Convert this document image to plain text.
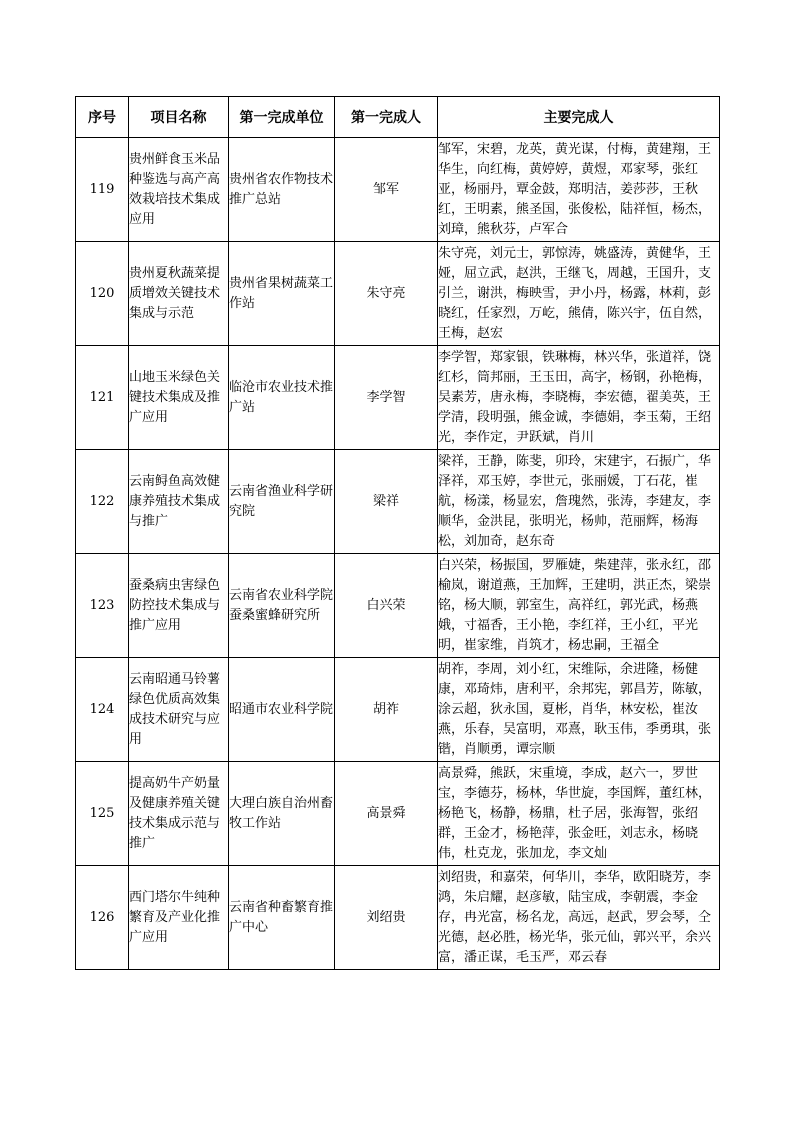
序号	项目名称	第一完成单位	第一完成人	主要完成人
119	贵州鲜食玉米品种鉴选与高产高效栽培技术集成应用	贵州省农作物技术推广总站	邹军	邹军，宋碧，龙英，黄光谋，付梅，黄建翔，王华生，向红梅，黄婷婷，黄煜，邓家琴，张红亚，杨丽丹，覃金鼓，郑明洁，姜莎莎，王秋红，王明素，熊圣国，张俊松，陆祥恒，杨杰，刘璋，熊秋芬，卢军合
120	贵州夏秋蔬菜提质增效关键技术集成与示范	贵州省果树蔬菜工作站	朱守亮	朱守亮，刘元士，郭惊涛，姚盛涛，黄健华，王娅，屈立武，赵洪，王继飞，周越，王国升，支引兰，谢洪，梅映雪，尹小丹，杨露，林莉，彭晓红，任家烈，万屹，熊倩，陈兴宇，伍自然，王梅，赵宏
121	山地玉米绿色关键技术集成及推广应用	临沧市农业技术推广站	李学智	李学智，郑家银，铁琳梅，林兴华，张道祥，饶红杉，筒邦丽，王玉田，高字，杨钢，孙艳梅，吴素芳，唐永梅，李晓梅，李宏德，翟美英，王学清，段明强，熊金诚，李德娟，李玉菊，王绍光，李作定，尹跃斌，肖川
122	云南鲟鱼高效健康养殖技术集成与推广	云南省渔业科学研究院	梁祥	梁祥，王静，陈斐，卯玲，宋建宇，石振广，华泽祥，邓玉婷，李世元，张丽媛，丁石花，崔航，杨漾，杨显宏，詹瑰然，张涛，李建友，李顺华，金洪昆，张明光，杨帅，范丽辉，杨海松，刘加奇，赵东奇
123	蚕桑病虫害绿色防控技术集成与推广应用	云南省农业科学院蚕桑蜜蜂研究所	白兴荣	白兴荣，杨振国，罗雁婕，柴建萍，张永红，邵榆岚，谢道燕，王加辉，王建明，洪正杰，梁崇铭，杨大顺，郭室生，高祥红，郭光武，杨燕娥，寸福香，王小艳，李红祥，王小红，平光明，崔家维，肖筑才，杨忠嗣，王福全
124	云南昭通马铃薯绿色优质高效集成技术研究与应用	昭通市农业科学院	胡祚	胡祚，李周，刘小红，宋维际，余进隆，杨健康，邓琦炜，唐利平，余邦宪，郭昌芳，陈敏，涂云超，狄永国，夏彬，肖华，林安松，崔汝燕，乐春，吴富明，邓熹，耿玉伟，季勇琪，张锴，肖顺勇，谭宗顺
125	提高奶牛产奶量及健康养殖关键技术集成示范与推广	大理白族自治州畜牧工作站	高景舜	高景舜，熊跃，宋重境，李成，赵六一，罗世宝，李德芬，杨林，华世旋，李国辉，董红林，杨艳飞，杨静，杨鼎，杜子居，张海智，张绍群，王金才，杨艳萍，张金旺，刘志永，杨晓伟，杜克龙，张加龙，李文灿
126	西门塔尔牛纯种繁育及产业化推广应用	云南省种畜繁育推广中心	刘绍贵	刘绍贵，和嘉荣，何华川，李华，欧阳晓芳，李鸿，朱启耀，赵彦敏，陆宝成，李朝震，李金存，冉光富，杨名龙，高远，赵武，罗会琴，仝光德，赵必胜，杨光华，张元仙，郭兴平，余兴富，潘正谋，毛玉严，邓云春
